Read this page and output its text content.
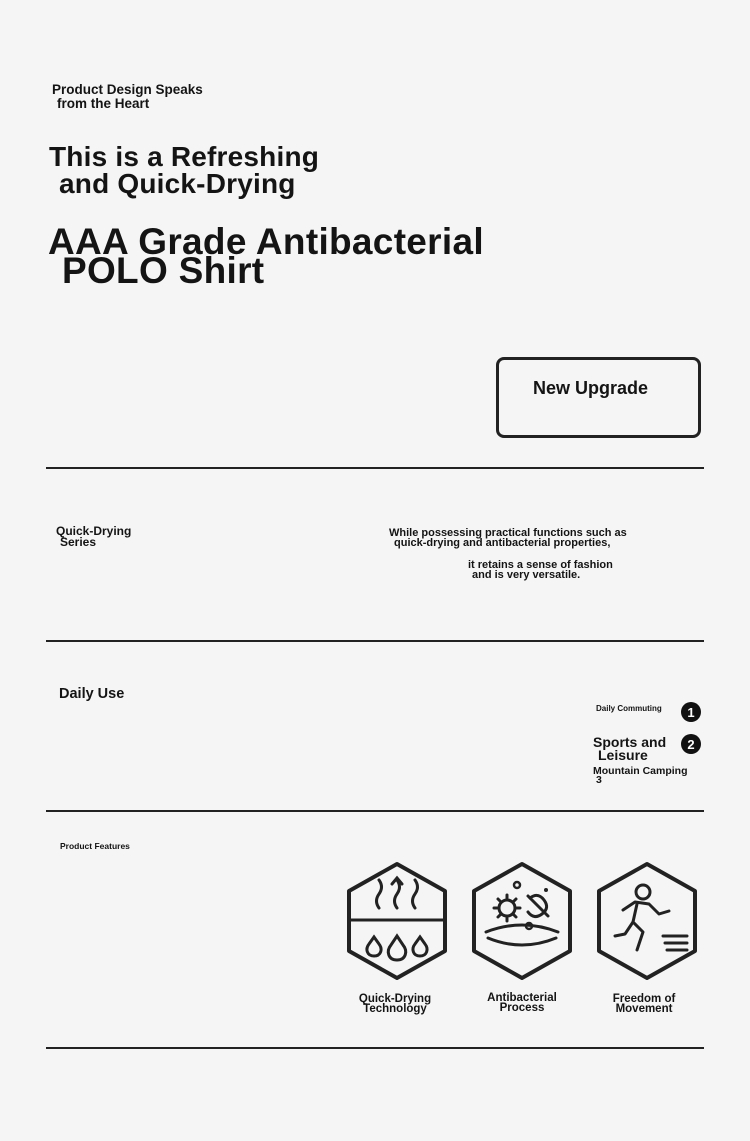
Product Design Speaks
from the Heart
This is a Refreshing
and Quick-Drying
AAA Grade Antibacterial
POLO Shirt
New Upgrade
Quick-Drying
Series
While possessing practical functions such as
quick-drying and antibacterial properties,
it retains a sense of fashion
and is very versatile.
Daily Use
Daily Commuting	1
Sports and
Leisure
2
Mountain Camping
3
Product Features
Quick-Drying
Technology
Antibacterial
Process
Freedom of
Movement
